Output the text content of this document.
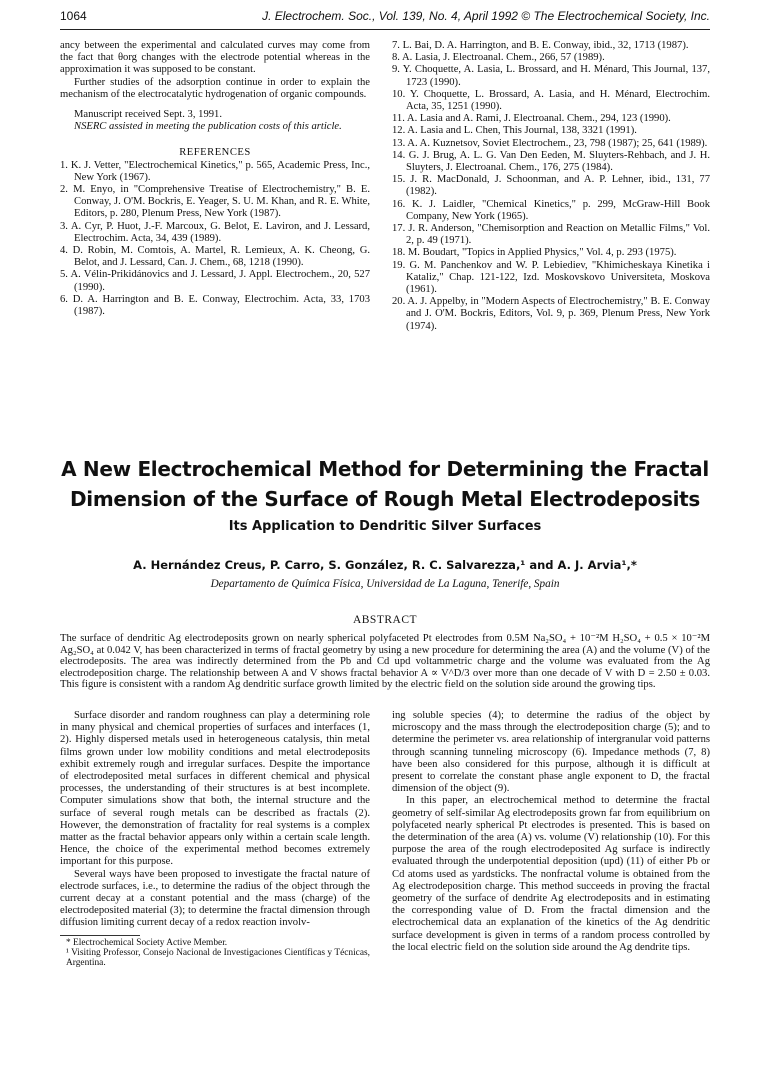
1064	J. Electrochem. Soc., Vol. 139, No. 4, April 1992 © The Electrochemical Society, Inc.

ancy between the experimental and calculated curves may come from the fact that θorg changes with the electrode potential whereas in the approximation it was supposed to be constant.

Further studies of the adsorption continue in order to explain the mechanism of the electrocatalytic hydrogenation of organic compounds.

Manuscript received Sept. 3, 1991.

NSERC assisted in meeting the publication costs of this article.

REFERENCES

1. K. J. Vetter, "Electrochemical Kinetics," p. 565, Academic Press, Inc., New York (1967).

2. M. Enyo, in "Comprehensive Treatise of Electrochemistry," B. E. Conway, J. O'M. Bockris, E. Yeager, S. U. M. Khan, and R. E. White, Editors, p. 280, Plenum Press, New York (1987).

3. A. Cyr, P. Huot, J.-F. Marcoux, G. Belot, E. Laviron, and J. Lessard, Electrochim. Acta, 34, 439 (1989).

4. D. Robin, M. Comtois, A. Martel, R. Lemieux, A. K. Cheong, G. Belot, and J. Lessard, Can. J. Chem., 68, 1218 (1990).

5. A. Vélin-Prikidánovics and J. Lessard, J. Appl. Electrochem., 20, 527 (1990).

6. D. A. Harrington and B. E. Conway, Electrochim. Acta, 33, 1703 (1987).

7. L. Bai, D. A. Harrington, and B. E. Conway, ibid., 32, 1713 (1987).

8. A. Lasia, J. Electroanal. Chem., 266, 57 (1989).

9. Y. Choquette, A. Lasia, L. Brossard, and H. Ménard, This Journal, 137, 1723 (1990).

10. Y. Choquette, L. Brossard, A. Lasia, and H. Ménard, Electrochim. Acta, 35, 1251 (1990).

11. A. Lasia and A. Rami, J. Electroanal. Chem., 294, 123 (1990).

12. A. Lasia and L. Chen, This Journal, 138, 3321 (1991).

13. A. A. Kuznetsov, Soviet Electrochem., 23, 798 (1987); 25, 641 (1989).

14. G. J. Brug, A. L. G. Van Den Eeden, M. Sluyters-Rehbach, and J. H. Sluyters, J. Electroanal. Chem., 176, 275 (1984).

15. J. R. MacDonald, J. Schoonman, and A. P. Lehner, ibid., 131, 77 (1982).

16. K. J. Laidler, "Chemical Kinetics," p. 299, McGraw-Hill Book Company, New York (1965).

17. J. R. Anderson, "Chemisorption and Reaction on Metallic Films," Vol. 2, p. 49 (1971).

18. M. Boudart, "Topics in Applied Physics," Vol. 4, p. 293 (1975).

19. G. M. Panchenkov and W. P. Lebiediev, "Khimicheskaya Kinetika i Kataliz," Chap. 121-122, Izd. Moskovskovo Universiteta, Moskova (1961).

20. A. J. Appelby, in "Modern Aspects of Electrochemistry," B. E. Conway and J. O'M. Bockris, Editors, Vol. 9, p. 369, Plenum Press, New York (1974).

A New Electrochemical Method for Determining the Fractal
Dimension of the Surface of Rough Metal Electrodeposits
Its Application to Dendritic Silver Surfaces
A. Hernández Creus, P. Carro, S. González, R. C. Salvarezza,¹ and A. J. Arvia¹,*
Departamento de Química Física, Universidad de La Laguna, Tenerife, Spain
ABSTRACT
The surface of dendritic Ag electrodeposits grown on nearly spherical polyfaceted Pt electrodes from 0.5M Na₂SO₄ + 10⁻²M H₂SO₄ + 0.5 × 10⁻²M Ag₂SO₄ at 0.042 V, has been characterized in terms of fractal geometry by using a new procedure for determining the area (A) and the volume (V) of the electrodeposits. The area was indirectly determined from the Pb and Cd upd voltammetric charge and the volume was evaluated from the Ag electrodeposition charge. The relationship between A and V shows fractal behavior A ∝ V^D/3 over more than one decade of V with D = 2.50 ± 0.03. This figure is consistent with a random Ag dendritic surface growth limited by the electric field on the solution side around the growing tips.

Surface disorder and random roughness can play a determining role in many physical and chemical properties of surfaces and interfaces (1, 2). Highly dispersed metals used in heterogeneous catalysis, thin metal films grown under low mobility conditions and metal electrodeposits exhibit extremely rough and irregular surfaces. Despite the importance of electrodeposited metal surfaces in different chemical and physical processes, the understanding of their structures is at best incomplete. Computer simulations show that both, the internal structure and the surface of several rough metals can be described as fractals (2). However, the demonstration of fractality for real systems is a complex matter as the fractal behavior appears only within a certain scale length. Hence, the choice of the experimental method becomes extremely important for this purpose.

Several ways have been proposed to investigate the fractal nature of electrode surfaces, i.e., to determine the radius of the object through the current decay at a constant potential and the mass (charge) of the electrodeposited material (3); to determine the fractal dimension through diffusion limiting current decay of a redox reaction involv-

* Electrochemical Society Active Member.

¹ Visiting Professor, Consejo Nacional de Investigaciones Científicas y Técnicas, Argentina.

ing soluble species (4); to determine the radius of the object by microscopy and the mass through the electrodeposition charge (5); and to determine the perimeter vs. area relationship of intergranular void patterns through scanning tunneling microscopy (6). Impedance methods (7, 8) have been also considered for this purpose, although it is difficult at present to correlate the constant phase angle exponent to D, the fractal dimension of the object (9).

In this paper, an electrochemical method to determine the fractal geometry of self-similar Ag electrodeposits grown far from equilibrium on polyfaceted nearly spherical Pt electrodes is presented. This is based on the determination of the area (A) vs. volume (V) relationship (10). For this purpose the area of the rough electrodeposited Ag surface is indirectly evaluated through the underpotential deposition (upd) (11) of either Pb or Cd atoms used as yardsticks. The nonfractal volume is obtained from the Ag electrodeposition charge. This method succeeds in proving the fractal geometry of the surface of dendrite Ag electrodeposits and in estimating the corresponding value of D. From the fractal dimension and the electrochemical data an explanation of the kinetics of the Ag dendritic surface development is given in terms of a random process controlled by the local electric field on the solution side around the Ag dendrite tips.
